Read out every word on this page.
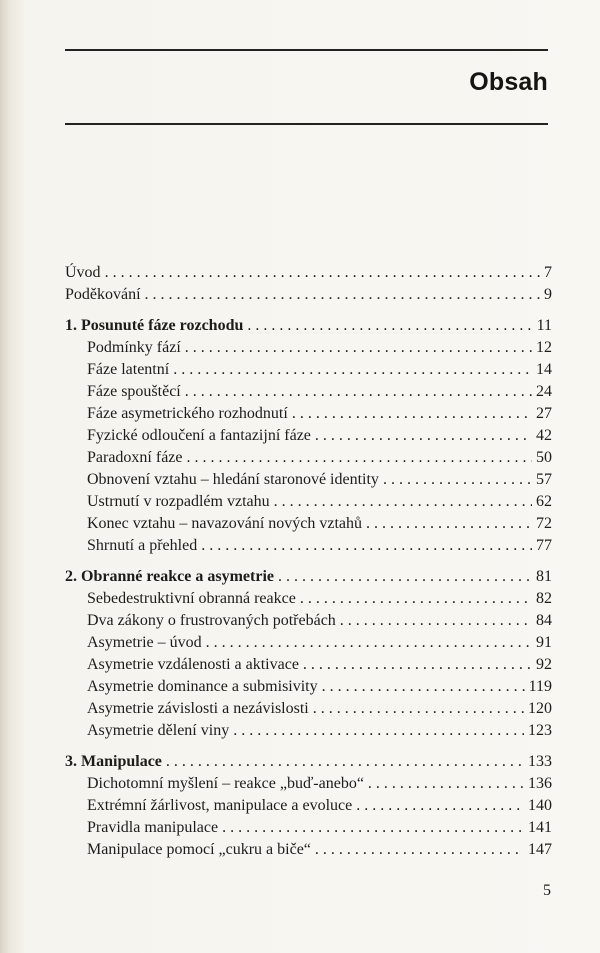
Obsah
Úvod . . .	7
Poděkování . . .	9
1. Posunuté fáze rozchodu . . .	11
Podmínky fází . . .	12
Fáze latentní . . .	14
Fáze spouštěcí . . .	24
Fáze asymetrického rozhodnutí . . .	27
Fyzické odloučení a fantazijní fáze . . .	42
Paradoxní fáze . . .	50
Obnovení vztahu – hledání staronové identity . . .	57
Ustrnutí v rozpadlém vztahu . . .	62
Konec vztahu – navazování nových vztahů . . .	72
Shrnutí a přehled . . .	77
2. Obranné reakce a asymetrie . . .	81
Sebedestruktivní obranná reakce . . .	82
Dva zákony o frustrovaných potřebách . . .	84
Asymetrie – úvod . . .	91
Asymetrie vzdálenosti a aktivace . . .	92
Asymetrie dominance a submisivity . . .	119
Asymetrie závislosti a nezávislosti . . .	120
Asymetrie dělení viny . . .	123
3. Manipulace . . .	133
Dichotomní myšlení – reakce „buď-anebo“ . . .	136
Extrémní žárlivost, manipulace a evoluce . . .	140
Pravidla manipulace . . .	141
Manipulace pomocí „cukru a biče“ . . .	147
5
